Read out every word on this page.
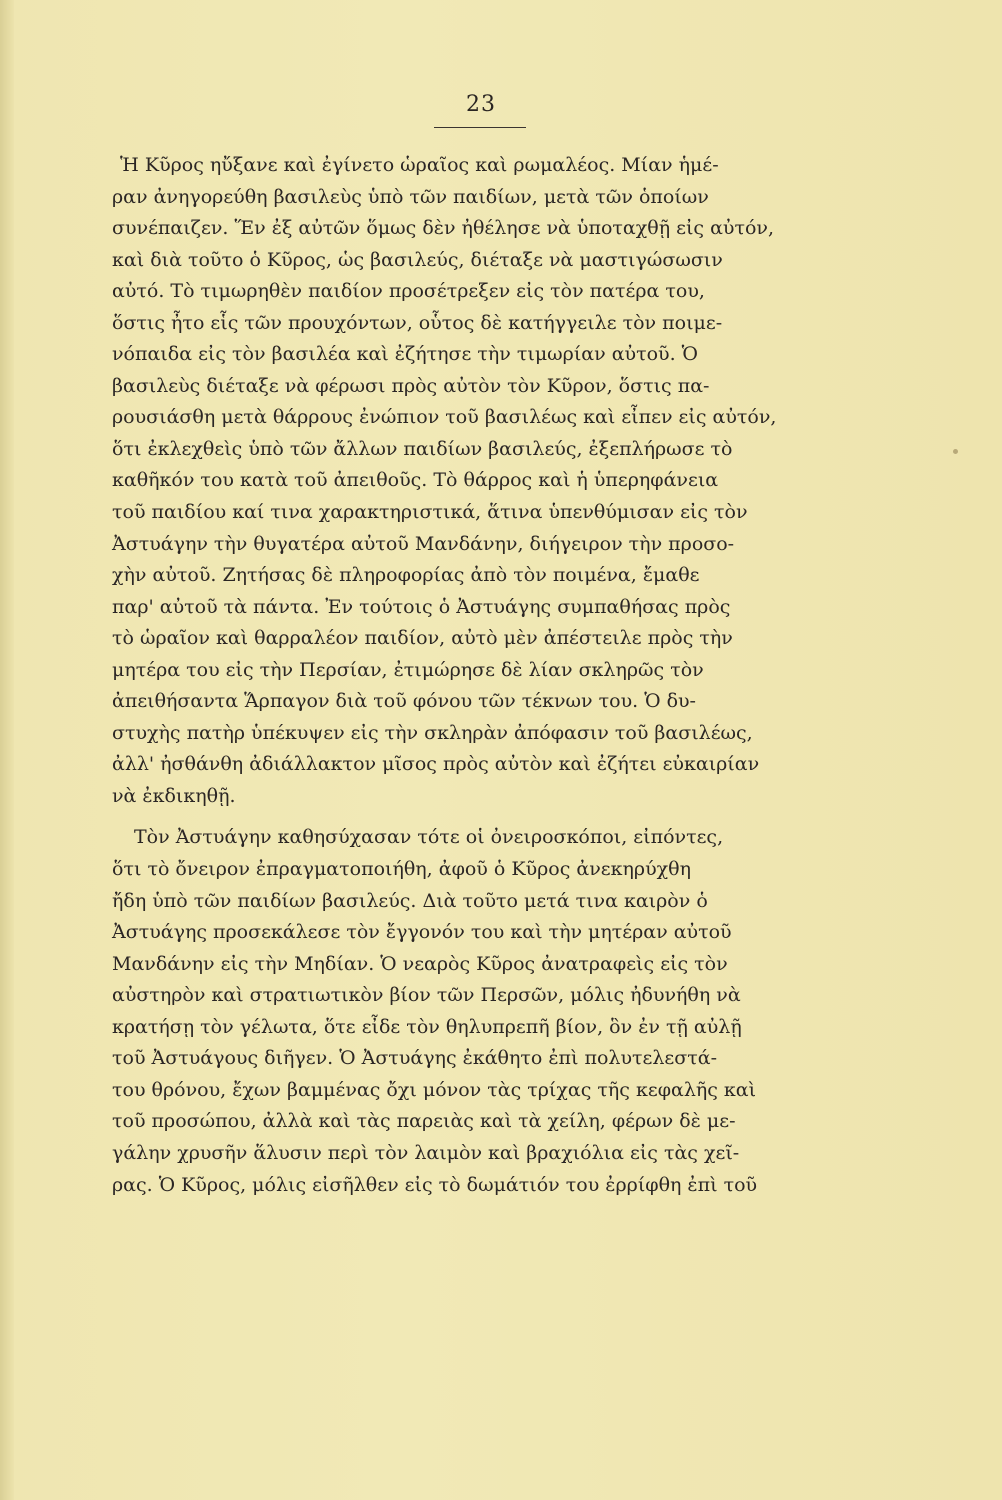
23

Ἡ Κῦρος ηὔξανε καὶ ἐγίνετο ὡραῖος καὶ ρωμαλέος. Μίαν ἡμέ-
ραν ἀνηγορεύθη βασιλεὺς ὑπὸ τῶν παιδίων, μετὰ τῶν ὁποίων
συνέπαιζεν. Ἕν ἐξ αὐτῶν ὅμως δὲν ἠθέλησε νὰ ὑποταχθῇ εἰς αὐτόν,
καὶ διὰ τοῦτο ὁ Κῦρος, ὡς βασιλεύς, διέταξε νὰ μαστιγώσωσιν
αὐτό. Τὸ τιμωρηθὲν παιδίον προσέτρεξεν εἰς τὸν πατέρα του,
ὅστις ἦτο εἷς τῶν προυχόντων, οὗτος δὲ κατήγγειλε τὸν ποιμε-
νόπαιδα εἰς τὸν βασιλέα καὶ ἐζήτησε τὴν τιμωρίαν αὐτοῦ. Ὁ
βασιλεὺς διέταξε νὰ φέρωσι πρὸς αὐτὸν τὸν Κῦρον, ὅστις πα-
ρουσιάσθη μετὰ θάρρους ἐνώπιον τοῦ βασιλέως καὶ εἶπεν εἰς αὐτόν,
ὅτι ἐκλεχθεὶς ὑπὸ τῶν ἄλλων παιδίων βασιλεύς, ἐξεπλήρωσε τὸ
καθῆκόν του κατὰ τοῦ ἀπειθοῦς. Τὸ θάρρος καὶ ἡ ὑπερηφάνεια
τοῦ παιδίου καί τινα χαρακτηριστικά, ἅτινα ὑπενθύμισαν εἰς τὸν
Ἀστυάγην τὴν θυγατέρα αὐτοῦ Μανδάνην, διήγειρον τὴν προσο-
χὴν αὐτοῦ. Ζητήσας δὲ πληροφορίας ἀπὸ τὸν ποιμένα, ἔμαθε
παρ' αὐτοῦ τὰ πάντα. Ἐν τούτοις ὁ Ἀστυάγης συμπαθήσας πρὸς
τὸ ὡραῖον καὶ θαρραλέον παιδίον, αὐτὸ μὲν ἀπέστειλε πρὸς τὴν
μητέρα του εἰς τὴν Περσίαν, ἐτιμώρησε δὲ λίαν σκληρῶς τὸν
ἀπειθήσαντα Ἅρπαγον διὰ τοῦ φόνου τῶν τέκνων του. Ὁ δυ-
στυχὴς πατὴρ ὑπέκυψεν εἰς τὴν σκληρὰν ἀπόφασιν τοῦ βασιλέως,
ἀλλ' ἠσθάνθη ἀδιάλλακτον μῖσος πρὸς αὐτὸν καὶ ἐζήτει εὐκαιρίαν
νὰ ἐκδικηθῇ.

Τὸν Ἀστυάγην καθησύχασαν τότε οἱ ὀνειροσκόποι, εἰπόντες,
ὅτι τὸ ὄνειρον ἐπραγματοποιήθη, ἀφοῦ ὁ Κῦρος ἀνεκηρύχθη
ἤδη ὑπὸ τῶν παιδίων βασιλεύς. Διὰ τοῦτο μετά τινα καιρὸν ὁ
Ἀστυάγης προσεκάλεσε τὸν ἔγγονόν του καὶ τὴν μητέραν αὐτοῦ
Μανδάνην εἰς τὴν Μηδίαν. Ὁ νεαρὸς Κῦρος ἀνατραφεὶς εἰς τὸν
αὐστηρὸν καὶ στρατιωτικὸν βίον τῶν Περσῶν, μόλις ἠδυνήθη νὰ
κρατήσῃ τὸν γέλωτα, ὅτε εἶδε τὸν θηλυπρεπῆ βίον, ὃν ἐν τῇ αὐλῇ
τοῦ Ἀστυάγους διῆγεν. Ὁ Ἀστυάγης ἐκάθητο ἐπὶ πολυτελεστά-
του θρόνου, ἔχων βαμμένας ὄχι μόνον τὰς τρίχας τῆς κεφαλῆς καὶ
τοῦ προσώπου, ἀλλὰ καὶ τὰς παρειὰς καὶ τὰ χείλη, φέρων δὲ με-
γάλην χρυσῆν ἅλυσιν περὶ τὸν λαιμὸν καὶ βραχιόλια εἰς τὰς χεῖ-
ρας. Ὁ Κῦρος, μόλις εἰσῆλθεν εἰς τὸ δωμάτιόν του ἐρρίφθη ἐπὶ τοῦ
